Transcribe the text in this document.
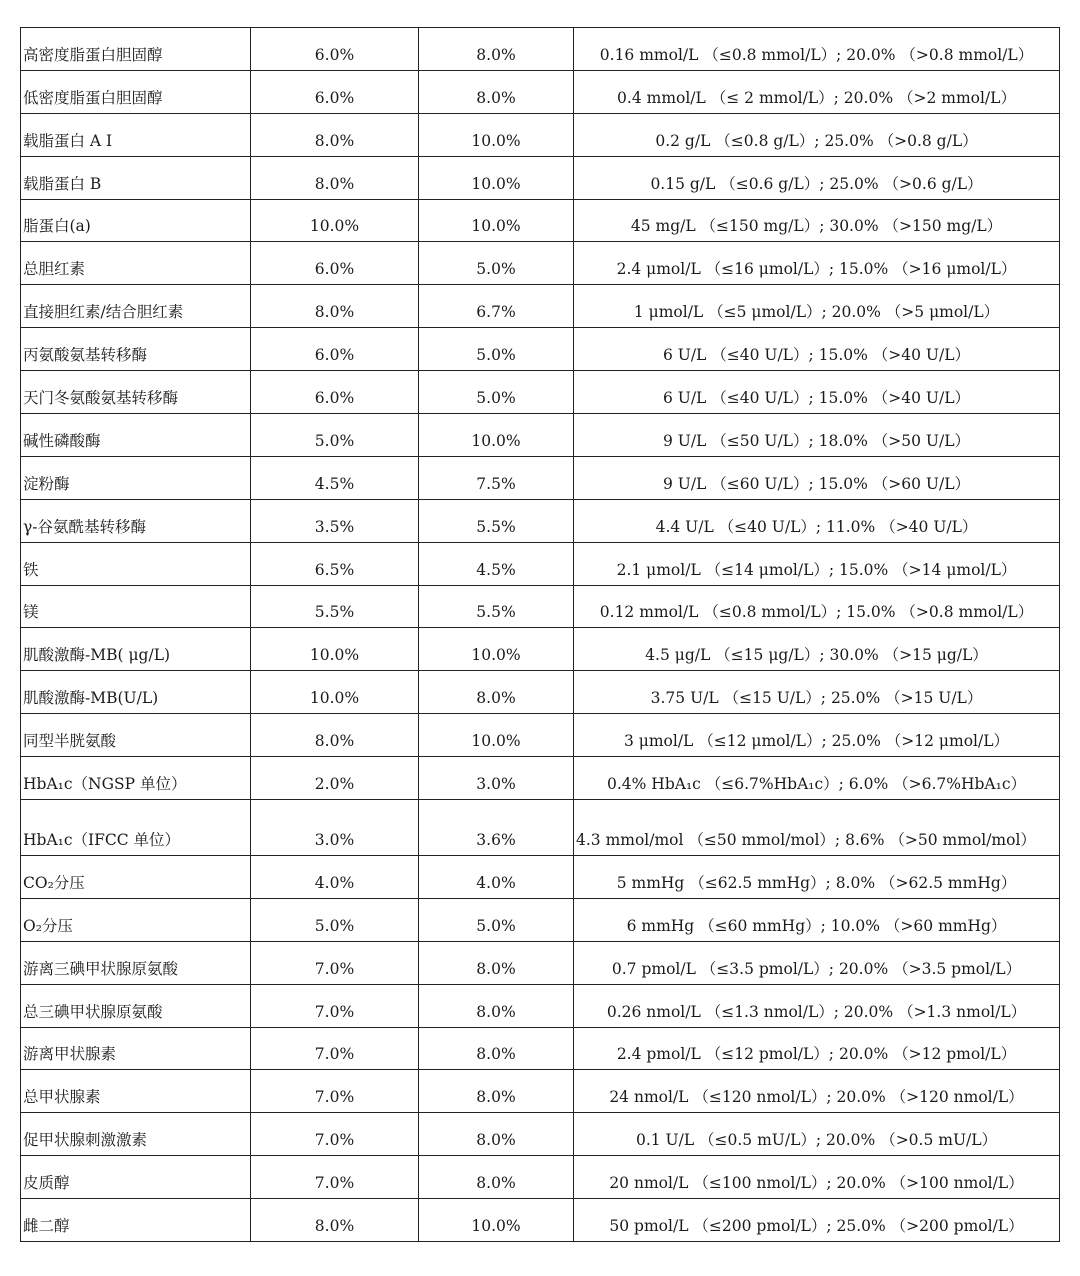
高密度脂蛋白胆固醇	6.0%	8.0%	0.16 mmol/L （≤0.8 mmol/L）; 20.0% （>0.8 mmol/L）
低密度脂蛋白胆固醇	6.0%	8.0%	0.4 mmol/L （≤ 2 mmol/L）; 20.0% （>2 mmol/L）
载脂蛋白 A Ⅰ	8.0%	10.0%	0.2 g/L （≤0.8 g/L）; 25.0% （>0.8 g/L）
载脂蛋白 B	8.0%	10.0%	0.15 g/L （≤0.6 g/L）; 25.0% （>0.6 g/L）
脂蛋白(a)	10.0%	10.0%	45 mg/L （≤150 mg/L）; 30.0% （>150 mg/L）
总胆红素	6.0%	5.0%	2.4 μmol/L （≤16 μmol/L）; 15.0% （>16 μmol/L）
直接胆红素/结合胆红素	8.0%	6.7%	1 μmol/L （≤5 μmol/L）; 20.0% （>5 μmol/L）
丙氨酸氨基转移酶	6.0%	5.0%	6 U/L （≤40 U/L）; 15.0% （>40 U/L）
天门冬氨酸氨基转移酶	6.0%	5.0%	6 U/L （≤40 U/L）; 15.0% （>40 U/L）
碱性磷酸酶	5.0%	10.0%	9 U/L （≤50 U/L）; 18.0% （>50 U/L）
淀粉酶	4.5%	7.5%	9 U/L （≤60 U/L）; 15.0% （>60 U/L）
γ-谷氨酰基转移酶	3.5%	5.5%	4.4 U/L （≤40 U/L）; 11.0% （>40 U/L）
铁	6.5%	4.5%	2.1 μmol/L （≤14 μmol/L）; 15.0% （>14 μmol/L）
镁	5.5%	5.5%	0.12 mmol/L （≤0.8 mmol/L）; 15.0% （>0.8 mmol/L）
肌酸激酶-MB( μg/L)	10.0%	10.0%	4.5 μg/L （≤15 μg/L）; 30.0% （>15 μg/L）
肌酸激酶-MB(U/L)	10.0%	8.0%	3.75 U/L （≤15 U/L）; 25.0% （>15 U/L）
同型半胱氨酸	8.0%	10.0%	3 μmol/L （≤12 μmol/L）; 25.0% （>12 μmol/L）
HbA₁c（NGSP 单位）	2.0%	3.0%	0.4% HbA₁c （≤6.7%HbA₁c）; 6.0% （>6.7%HbA₁c）
HbA₁c（IFCC 单位）	3.0%	3.6%	4.3 mmol/mol （≤50 mmol/mol）; 8.6% （>50 mmol/mol）
CO₂分压	4.0%	4.0%	5 mmHg （≤62.5 mmHg）; 8.0% （>62.5 mmHg）
O₂分压	5.0%	5.0%	6 mmHg （≤60 mmHg）; 10.0% （>60 mmHg）
游离三碘甲状腺原氨酸	7.0%	8.0%	0.7 pmol/L （≤3.5 pmol/L）; 20.0% （>3.5 pmol/L）
总三碘甲状腺原氨酸	7.0%	8.0%	0.26 nmol/L （≤1.3 nmol/L）; 20.0% （>1.3 nmol/L）
游离甲状腺素	7.0%	8.0%	2.4 pmol/L （≤12 pmol/L）; 20.0% （>12 pmol/L）
总甲状腺素	7.0%	8.0%	24 nmol/L （≤120 nmol/L）; 20.0% （>120 nmol/L）
促甲状腺刺激激素	7.0%	8.0%	0.1 U/L （≤0.5 mU/L）; 20.0% （>0.5 mU/L）
皮质醇	7.0%	8.0%	20 nmol/L （≤100 nmol/L）; 20.0% （>100 nmol/L）
雌二醇	8.0%	10.0%	50 pmol/L （≤200 pmol/L）; 25.0% （>200 pmol/L）
